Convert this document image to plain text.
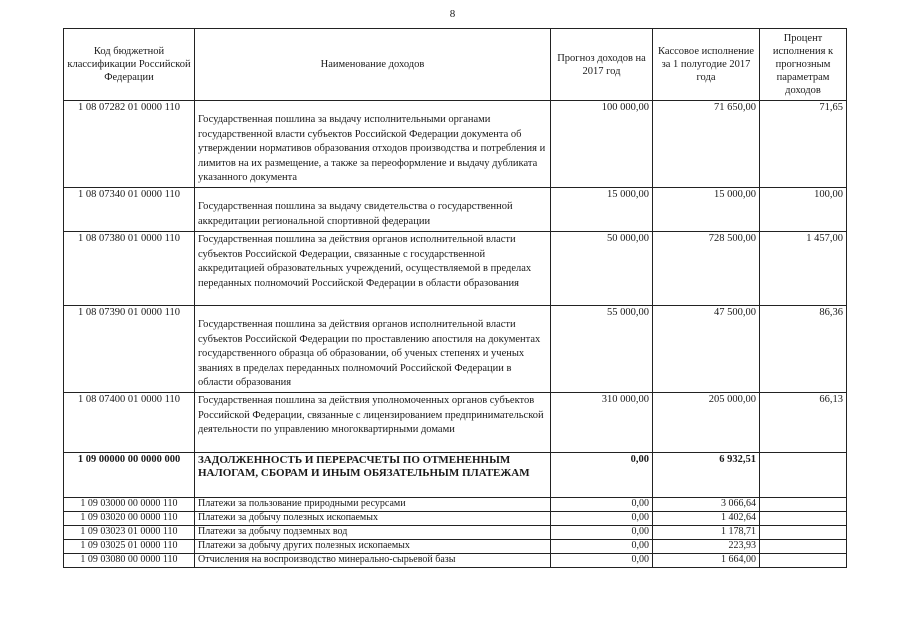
8
Код бюджетной классификации Российской Федерации	Наименование доходов	Прогноз доходов на 2017 год	Кассовое исполнение за 1 полугодие 2017 года	Процент исполнения к прогнозным параметрам доходов
1 08 07282 01 0000 110	Государственная пошлина за выдачу исполнительными органами государственной власти субъектов Российской Федерации документа об утверждении нормативов образования отходов производства и потребления и лимитов на их размещение, а также за переоформление и выдачу дубликата указанного документа	100 000,00	71 650,00	71,65
1 08 07340 01 0000 110	Государственная пошлина за выдачу свидетельства о государственной аккредитации региональной спортивной федерации	15 000,00	15 000,00	100,00
1 08 07380 01 0000 110	Государственная пошлина за действия органов исполнительной власти субъектов Российской Федерации, связанные с государственной аккредитацией образовательных учреждений, осуществляемой в пределах переданных полномочий Российской Федерации в области образования	50 000,00	728 500,00	1 457,00
1 08 07390 01 0000 110	Государственная пошлина за действия органов исполнительной власти субъектов Российской Федерации по проставлению апостиля на документах государственного образца об образовании, об ученых степенях и ученых званиях в пределах переданных полномочий Российской Федерации в области образования	55 000,00	47 500,00	86,36
1 08 07400 01 0000 110	Государственная пошлина за действия уполномоченных органов субъектов Российской Федерации, связанные с лицензированием предпринимательской деятельности по управлению многоквартирными домами	310 000,00	205 000,00	66,13
1 09 00000 00 0000 000	ЗАДОЛЖЕННОСТЬ И ПЕРЕРАСЧЕТЫ ПО ОТМЕНЕННЫМ НАЛОГАМ, СБОРАМ И ИНЫМ ОБЯЗАТЕЛЬНЫМ ПЛАТЕЖАМ	0,00	6 932,51	
1 09 03000 00 0000 110	Платежи за пользование природными ресурсами	0,00	3 066,64	
1 09 03020 00 0000 110	Платежи за добычу полезных ископаемых	0,00	1 402,64	
1 09 03023 01 0000 110	Платежи за добычу подземных вод	0,00	1 178,71	
1 09 03025 01 0000 110	Платежи за добычу других полезных ископаемых	0,00	223,93	
1 09 03080 00 0000 110	Отчисления на воспроизводство минерально-сырьевой базы	0,00	1 664,00	
